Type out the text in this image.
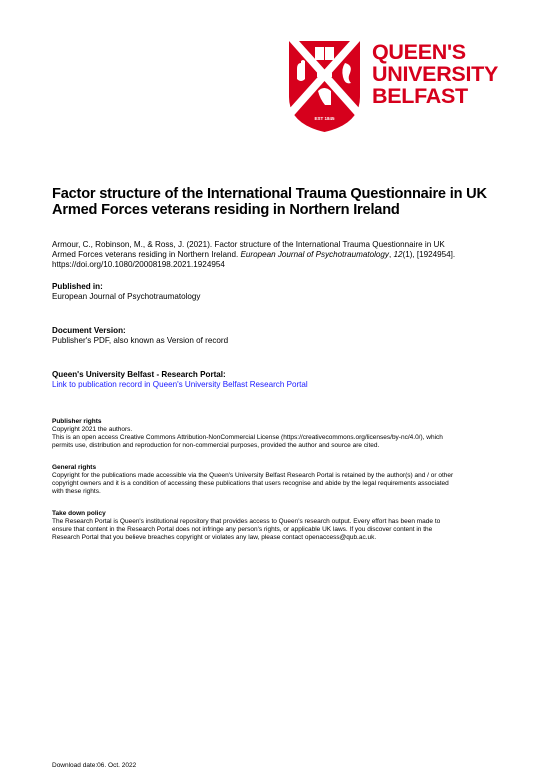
EST 1845
QUEEN'S
UNIVERSITY
BELFAST
Factor structure of the International Trauma Questionnaire in UK
Armed Forces veterans residing in Northern Ireland
Armour, C., Robinson, M., & Ross, J. (2021). Factor structure of the International Trauma Questionnaire in UK
Armed Forces veterans residing in Northern Ireland. European Journal of Psychotraumatology, 12(1), [1924954].
https://doi.org/10.1080/20008198.2021.1924954
Published in:
European Journal of Psychotraumatology
Document Version:
Publisher's PDF, also known as Version of record
Queen's University Belfast - Research Portal:
Link to publication record in Queen's University Belfast Research Portal
Publisher rights
Copyright 2021 the authors.
This is an open access Creative Commons Attribution-NonCommercial License (https://creativecommons.org/licenses/by-nc/4.0/), which
permits use, distribution and reproduction for non-commercial purposes, provided the author and source are cited.
General rights
Copyright for the publications made accessible via the Queen's University Belfast Research Portal is retained by the author(s) and / or other
copyright owners and it is a condition of accessing these publications that users recognise and abide by the legal requirements associated
with these rights.
Take down policy
The Research Portal is Queen's institutional repository that provides access to Queen's research output. Every effort has been made to
ensure that content in the Research Portal does not infringe any person's rights, or applicable UK laws. If you discover content in the
Research Portal that you believe breaches copyright or violates any law, please contact openaccess@qub.ac.uk.
Download date:06. Oct. 2022
